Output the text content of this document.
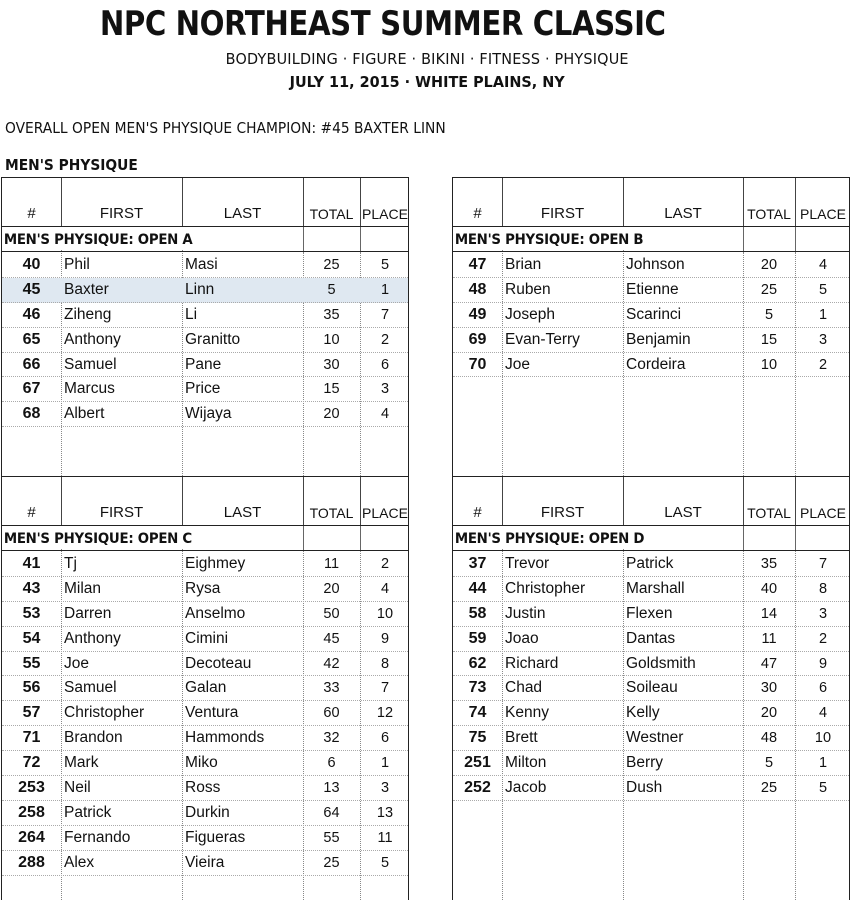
NPC NORTHEAST SUMMER CLASSIC
BODYBUILDING · FIGURE · BIKINI · FITNESS · PHYSIQUE
JULY 11, 2015 · WHITE PLAINS, NY
OVERALL OPEN MEN'S PHYSIQUE CHAMPION: #45 BAXTER LINN
MEN'S PHYSIQUE
#	FIRST	LAST	TOTAL PLACE
MEN'S PHYSIQUE: OPEN A
40	Phil	Masi	25	5
45	Baxter	Linn	5	1
46	Ziheng	Li	35	7
65	Anthony	Granitto	10	2
66	Samuel	Pane	30	6
67	Marcus	Price	15	3
68	Albert	Wijaya	20	4
#	FIRST	LAST	TOTAL PLACE
MEN'S PHYSIQUE: OPEN B
47	Brian	Johnson	20	4
48	Ruben	Etienne	25	5
49	Joseph	Scarinci	5	1
69	Evan-Terry	Benjamin	15	3
70	Joe	Cordeira	10	2
#	FIRST	LAST	TOTAL PLACE
MEN'S PHYSIQUE: OPEN C
41	Tj	Eighmey	11	2
43	Milan	Rysa	20	4
53	Darren	Anselmo	50	10
54	Anthony	Cimini	45	9
55	Joe	Decoteau	42	8
56	Samuel	Galan	33	7
57	Christopher	Ventura	60	12
71	Brandon	Hammonds	32	6
72	Mark	Miko	6	1
253	Neil	Ross	13	3
258	Patrick	Durkin	64	13
264	Fernando	Figueras	55	11
288	Alex	Vieira	25	5
#	FIRST	LAST	TOTAL PLACE
MEN'S PHYSIQUE: OPEN D
37	Trevor	Patrick	35	7
44	Christopher	Marshall	40	8
58	Justin	Flexen	14	3
59	Joao	Dantas	11	2
62	Richard	Goldsmith	47	9
73	Chad	Soileau	30	6
74	Kenny	Kelly	20	4
75	Brett	Westner	48	10
251 Milton	Berry	5	1
252 Jacob	Dush	25	5
